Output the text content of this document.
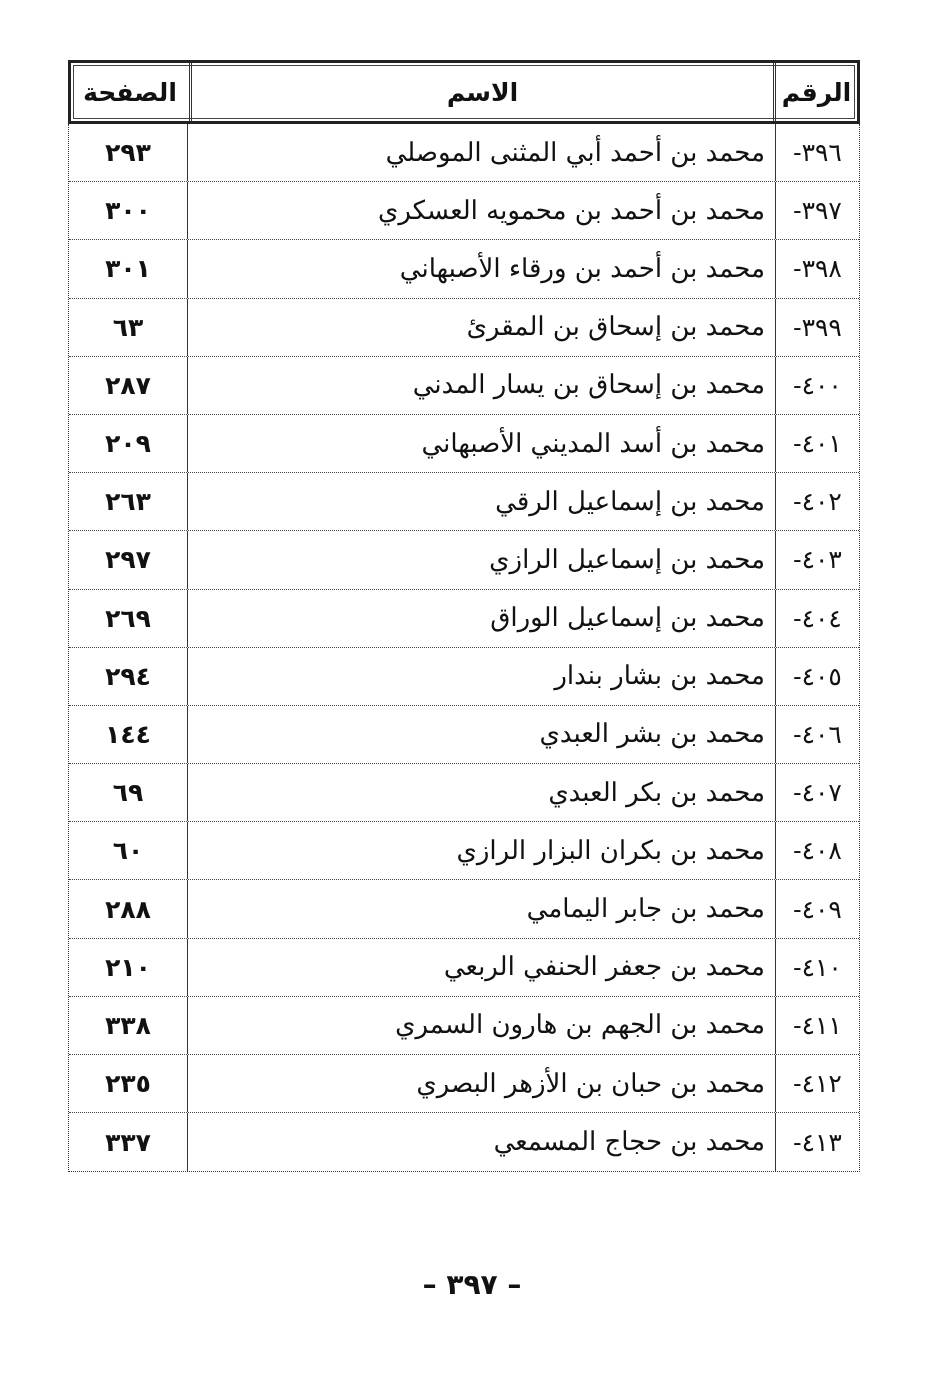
الرقم
الاسم
الصفحة
٣٩٦-
محمد بن أحمد أبي المثنى الموصلي
٢٩٣
٣٩٧-
محمد بن أحمد بن محمويه العسكري
٣٠٠
٣٩٨-
محمد بن أحمد بن ورقاء الأصبهاني
٣٠١
٣٩٩-
محمد بن إسحاق بن المقرئ
٦٣
٤٠٠-
محمد بن إسحاق بن يسار المدني
٢٨٧
٤٠١-
محمد بن أسد المديني الأصبهاني
٢٠٩
٤٠٢-
محمد بن إسماعيل الرقي
٢٦٣
٤٠٣-
محمد بن إسماعيل الرازي
٢٩٧
٤٠٤-
محمد بن إسماعيل الوراق
٢٦٩
٤٠٥-
محمد بن بشار بندار
٢٩٤
٤٠٦-
محمد بن بشر العبدي
١٤٤
٤٠٧-
محمد بن بكر العبدي
٦٩
٤٠٨-
محمد بن بكران البزار الرازي
٦٠
٤٠٩-
محمد بن جابر اليمامي
٢٨٨
٤١٠-
محمد بن جعفر الحنفي الربعي
٢١٠
٤١١-
محمد بن الجهم بن هارون السمري
٣٣٨
٤١٢-
محمد بن حبان بن الأزهر البصري
٢٣٥
٤١٣-
محمد بن حجاج المسمعي
٣٣٧
– ٣٩٧ –
